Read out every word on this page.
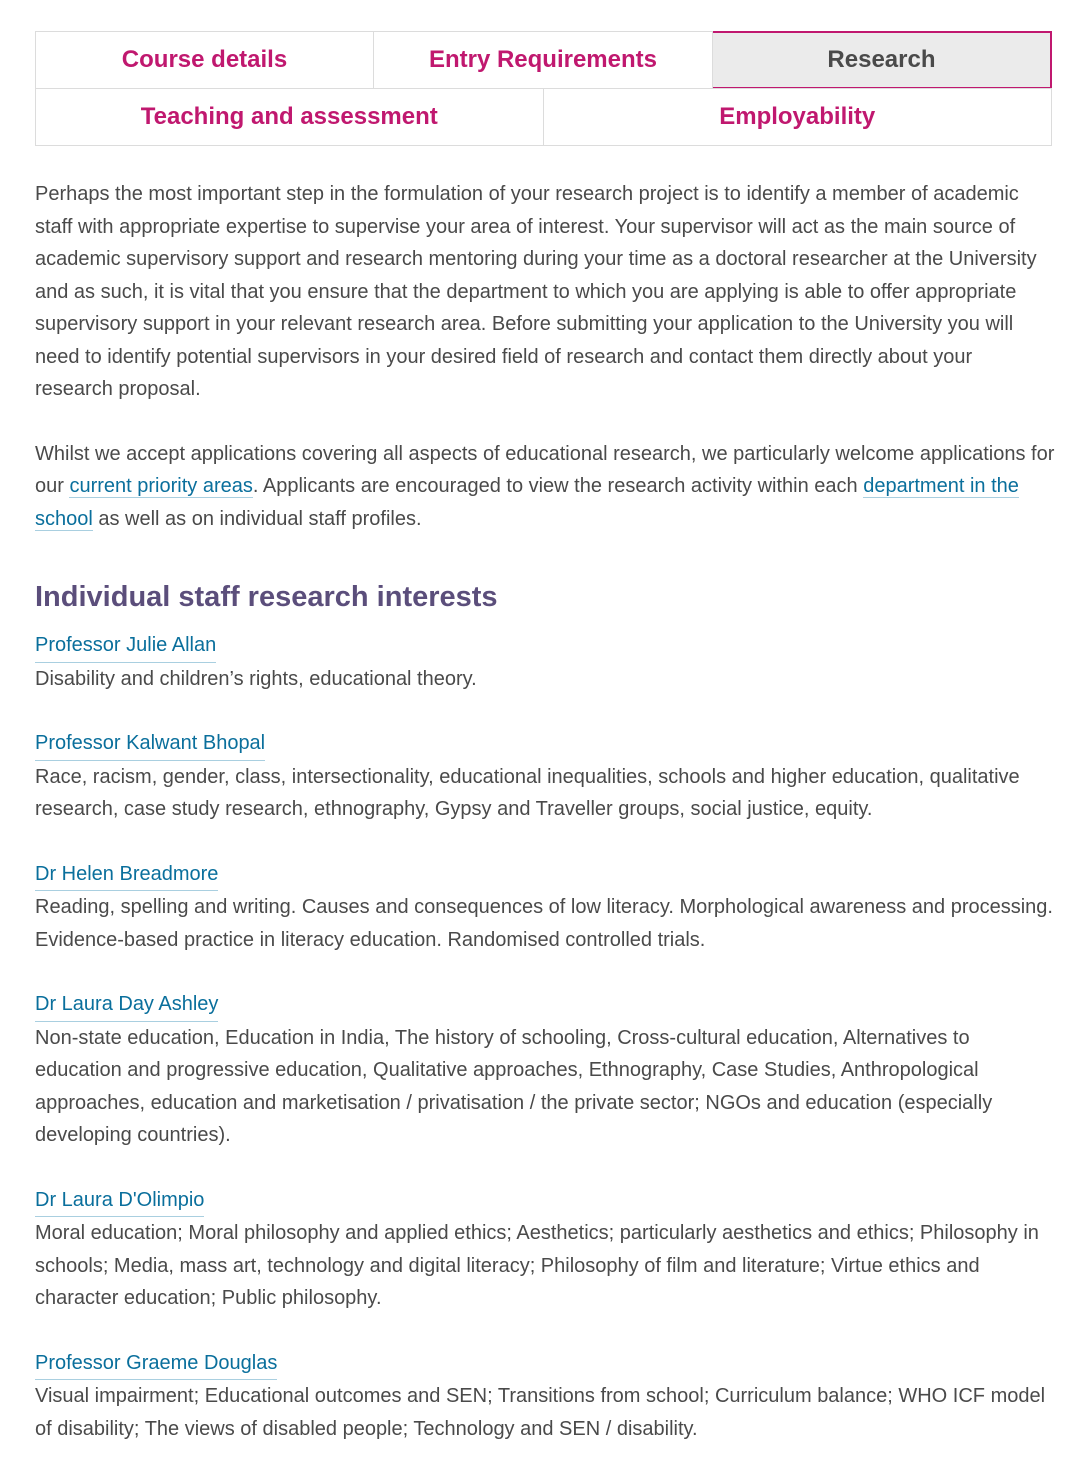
Course details	Entry Requirements	Research
Teaching and assessment	Employability

Perhaps the most important step in the formulation of your research project is to identify a member of academic staff with appropriate expertise to supervise your area of interest. Your supervisor will act as the main source of academic supervisory support and research mentoring during your time as a doctoral researcher at the University and as such, it is vital that you ensure that the department to which you are applying is able to offer appropriate supervisory support in your relevant research area. Before submitting your application to the University you will need to identify potential supervisors in your desired field of research and contact them directly about your research proposal.

Whilst we accept applications covering all aspects of educational research, we particularly welcome applications for our current priority areas. Applicants are encouraged to view the research activity within each department in the school as well as on individual staff profiles.

Individual staff research interests
Professor Julie Allan
Disability and children’s rights, educational theory.
Professor Kalwant Bhopal
Race, racism, gender, class, intersectionality, educational inequalities, schools and higher education, qualitative research, case study research, ethnography, Gypsy and Traveller groups, social justice, equity.
Dr Helen Breadmore
Reading, spelling and writing. Causes and consequences of low literacy. Morphological awareness and processing. Evidence-based practice in literacy education. Randomised controlled trials.
Dr Laura Day Ashley
Non-state education, Education in India, The history of schooling, Cross-cultural education, Alternatives to education and progressive education, Qualitative approaches, Ethnography, Case Studies, Anthropological approaches, education and marketisation / privatisation / the private sector; NGOs and education (especially developing countries).
Dr Laura D'Olimpio
Moral education; Moral philosophy and applied ethics; Aesthetics; particularly aesthetics and ethics; Philosophy in schools; Media, mass art, technology and digital literacy; Philosophy of film and literature; Virtue ethics and character education; Public philosophy.
Professor Graeme Douglas
Visual impairment; Educational outcomes and SEN; Transitions from school; Curriculum balance; WHO ICF model of disability; The views of disabled people; Technology and SEN / disability.
